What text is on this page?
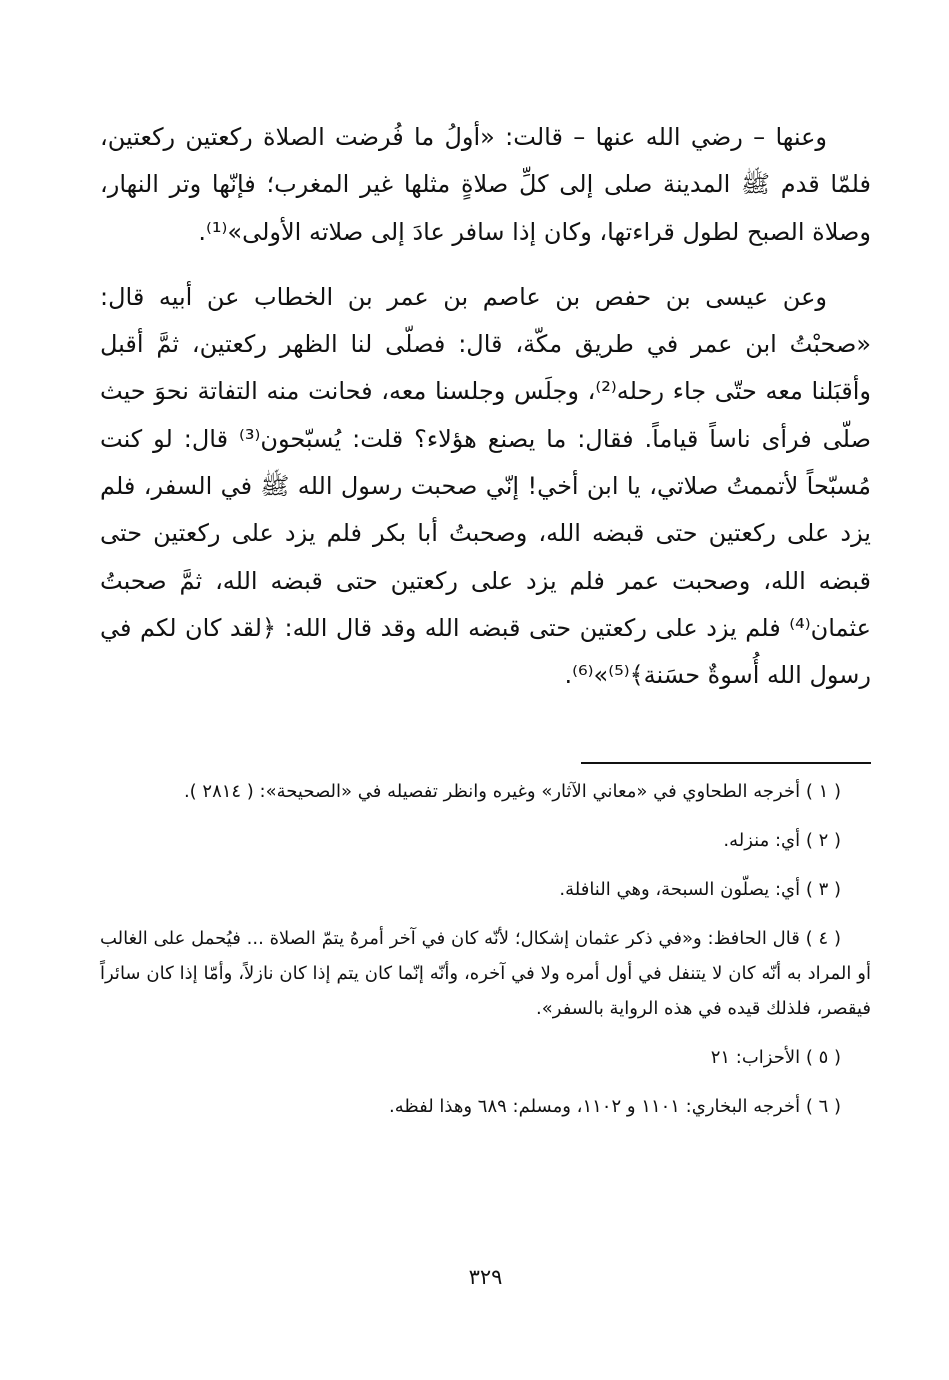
وعنها – رضي الله عنها – قالت: «أولُ ما فُرضت الصلاة ركعتين ركعتين، فلمّا قدم ﷺ المدينة صلى إلى كلِّ صلاةٍ مثلها غير المغرب؛ فإنّها وتر النهار، وصلاة الصبح لطول قراءتها، وكان إذا سافر عادَ إلى صلاته الأولى»⁽¹⁾.

وعن عيسى بن حفص بن عاصم بن عمر بن الخطاب عن أبيه قال: «صحبْتُ ابن عمر في طريق مكّة، قال: فصلّى لنا الظهر ركعتين، ثمَّ أقبل وأقبَلنا معه حتّى جاء رحله⁽²⁾، وجلَس وجلسنا معه، فحانت منه التفاتة نحوَ حيث صلّى فرأى ناساً قياماً. فقال: ما يصنع هؤلاء؟ قلت: يُسبّحون⁽³⁾ قال: لو كنت مُسبّحاً لأتممتُ صلاتي، يا ابن أخي! إنّي صحبت رسول الله ﷺ في السفر، فلم يزد على ركعتين حتى قبضه الله، وصحبتُ أبا بكر فلم يزد على ركعتين حتى قبضه الله، وصحبت عمر فلم يزد على ركعتين حتى قبضه الله، ثمَّ صحبتُ عثمان⁽⁴⁾ فلم يزد على ركعتين حتى قبضه الله وقد قال الله: ﴿لقد كان لكم في رسول الله أُسوةٌ حسَنة﴾⁽⁵⁾»⁽⁶⁾.

( ١ ) أخرجه الطحاوي في «معاني الآثار» وغيره وانظر تفصيله في «الصحيحة»: ( ٢٨١٤ ).

( ٢ ) أي: منزله.

( ٣ ) أي: يصلّون السبحة، وهي النافلة.

( ٤ ) قال الحافظ: و«في ذكر عثمان إشكال؛ لأنّه كان في آخر أمرهُ يتمّ الصلاة ... فيُحمل على الغالب أو المراد به أنّه كان لا يتنفل في أول أمره ولا في آخره، وأنّه إنّما كان يتم إذا كان نازلاً، وأمّا إذا كان سائراً فيقصر، فلذلك قيده في هذه الرواية بالسفر».

( ٥ ) الأحزاب: ٢١

( ٦ ) أخرجه البخاري: ١١٠١ و ١١٠٢، ومسلم: ٦٨٩ وهذا لفظه.

٣٢٩
